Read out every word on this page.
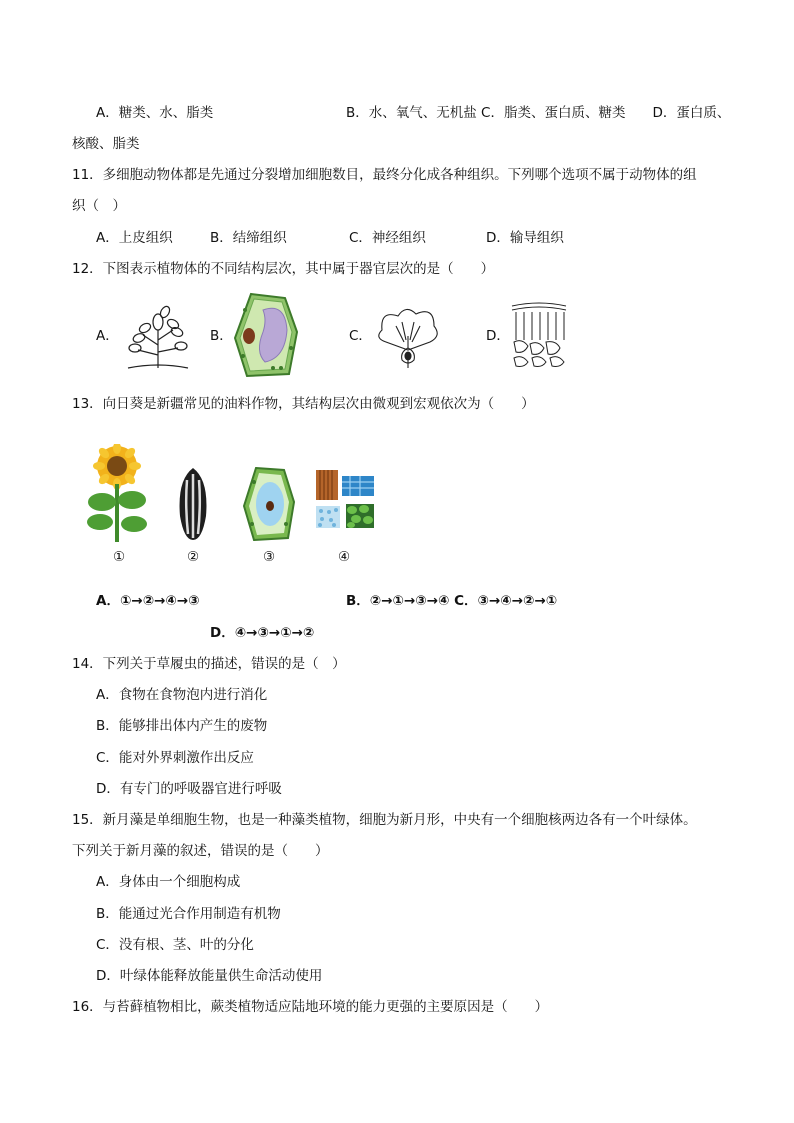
A．糖类、水、脂类	B．水、氧气、无机盐 C．脂类、蛋白质、糖类　　D．蛋白质、
核酸、脂类
11．多细胞动物体都是先通过分裂增加细胞数目，最终分化成各种组织。下列哪个选项不属于动物体的组
织（　）
A．上皮组织	B．结缔组织	C．神经组织	D．输导组织
12．下图表示植物体的不同结构层次，其中属于器官层次的是（　　）
A．	B．	C．	D．
13．向日葵是新疆常见的油料作物，其结构层次由微观到宏观依次为（　　）
①	②	③	④
A．①→②→④→③	B．②→①→③→④ C．③→④→②→①
D．④→③→①→②
14．下列关于草履虫的描述，错误的是（　）
A．食物在食物泡内进行消化
B．能够排出体内产生的废物
C．能对外界刺激作出反应
D．有专门的呼吸器官进行呼吸
15．新月藻是单细胞生物，也是一种藻类植物，细胞为新月形，中央有一个细胞核两边各有一个叶绿体。
下列关于新月藻的叙述，错误的是（　　）
A．身体由一个细胞构成
B．能通过光合作用制造有机物
C．没有根、茎、叶的分化
D．叶绿体能释放能量供生命活动使用
16．与苔藓植物相比，蕨类植物适应陆地环境的能力更强的主要原因是（　　）
